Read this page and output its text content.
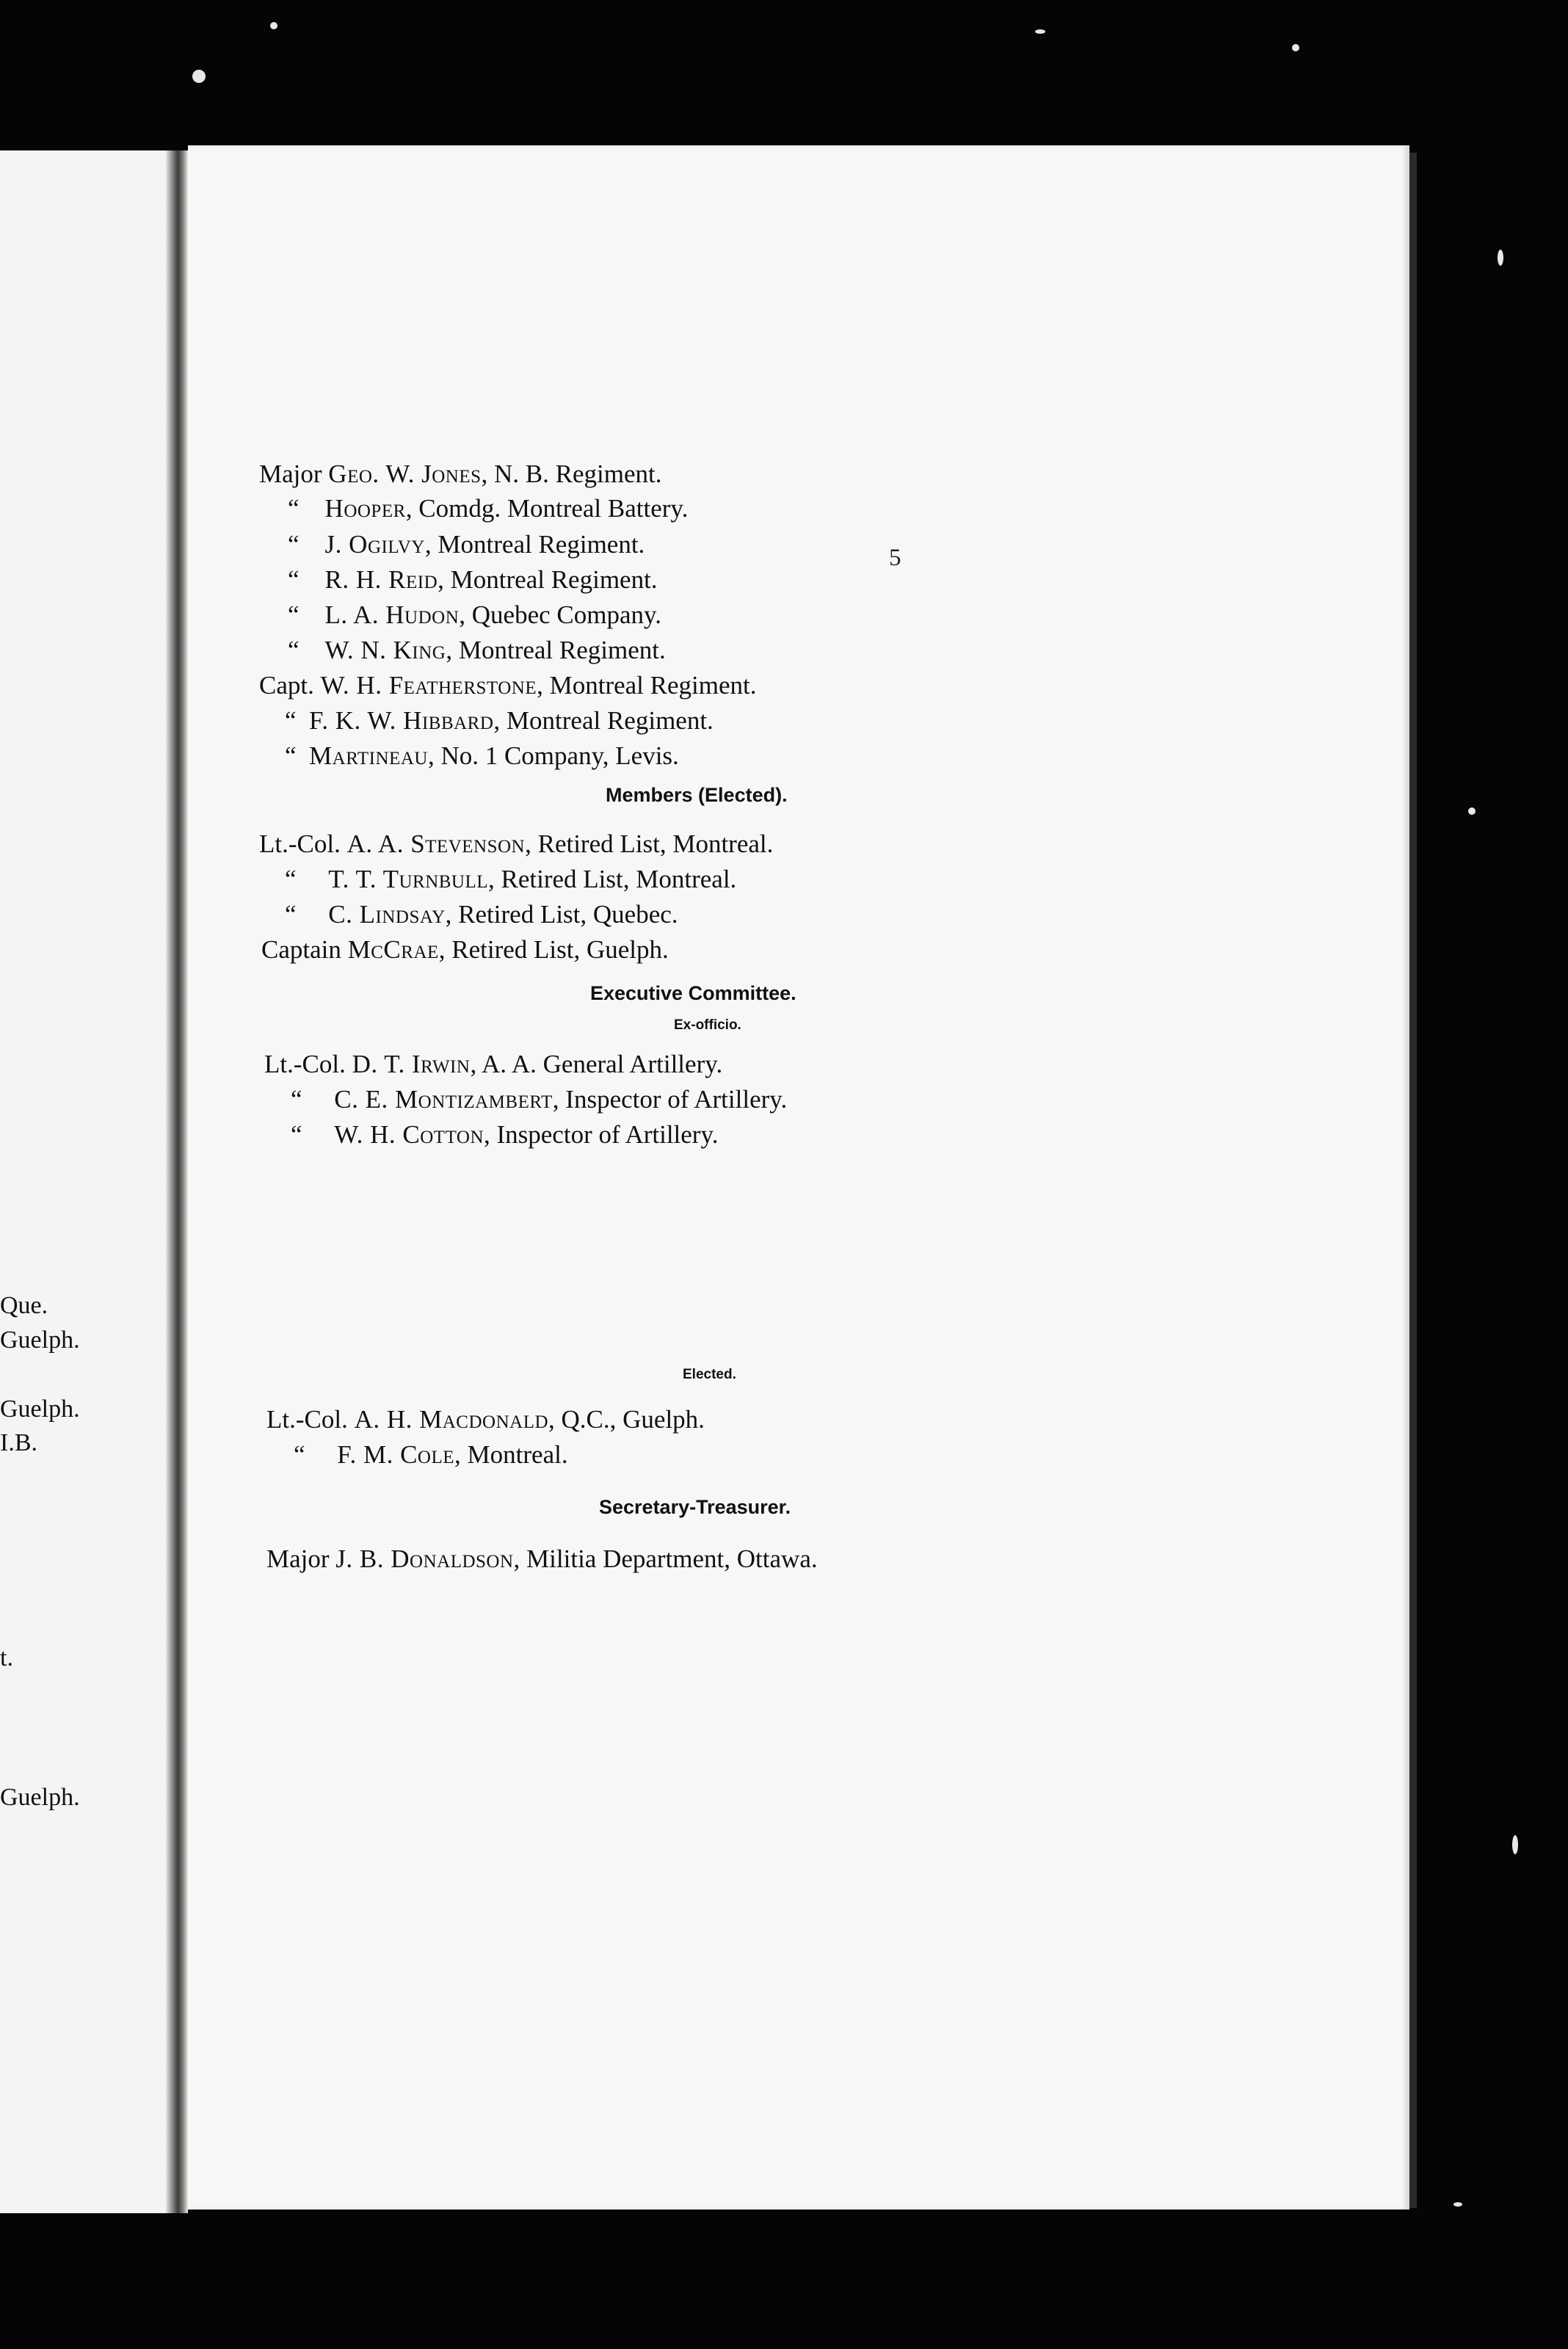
Que.
Guelph.
Guelph.
I.B.
t.
Guelph.
5
Major Geo. W. Jones, N. B. Regiment.
“ Hooper, Comdg. Montreal Battery.
“ J. Ogilvy, Montreal Regiment.
“ R. H. Reid, Montreal Regiment.
“ L. A. Hudon, Quebec Company.
“ W. N. King, Montreal Regiment.
Capt. W. H. Featherstone, Montreal Regiment.
“ F. K. W. Hibbard, Montreal Regiment.
“ Martineau, No. 1 Company, Levis.
Members (Elected).
Lt.-Col. A. A. Stevenson, Retired List, Montreal.
“ T. T. Turnbull, Retired List, Montreal.
“ C. Lindsay, Retired List, Quebec.
Captain McCrae, Retired List, Guelph.
Executive Committee.
Ex-officio.
Lt.-Col. D. T. Irwin, A. A. General Artillery.
“ C. E. Montizambert, Inspector of Artillery.
“ W. H. Cotton, Inspector of Artillery.
Elected.
Lt.-Col. A. H. Macdonald, Q.C., Guelph.
“ F. M. Cole, Montreal.
Secretary-Treasurer.
Major J. B. Donaldson, Militia Department, Ottawa.
